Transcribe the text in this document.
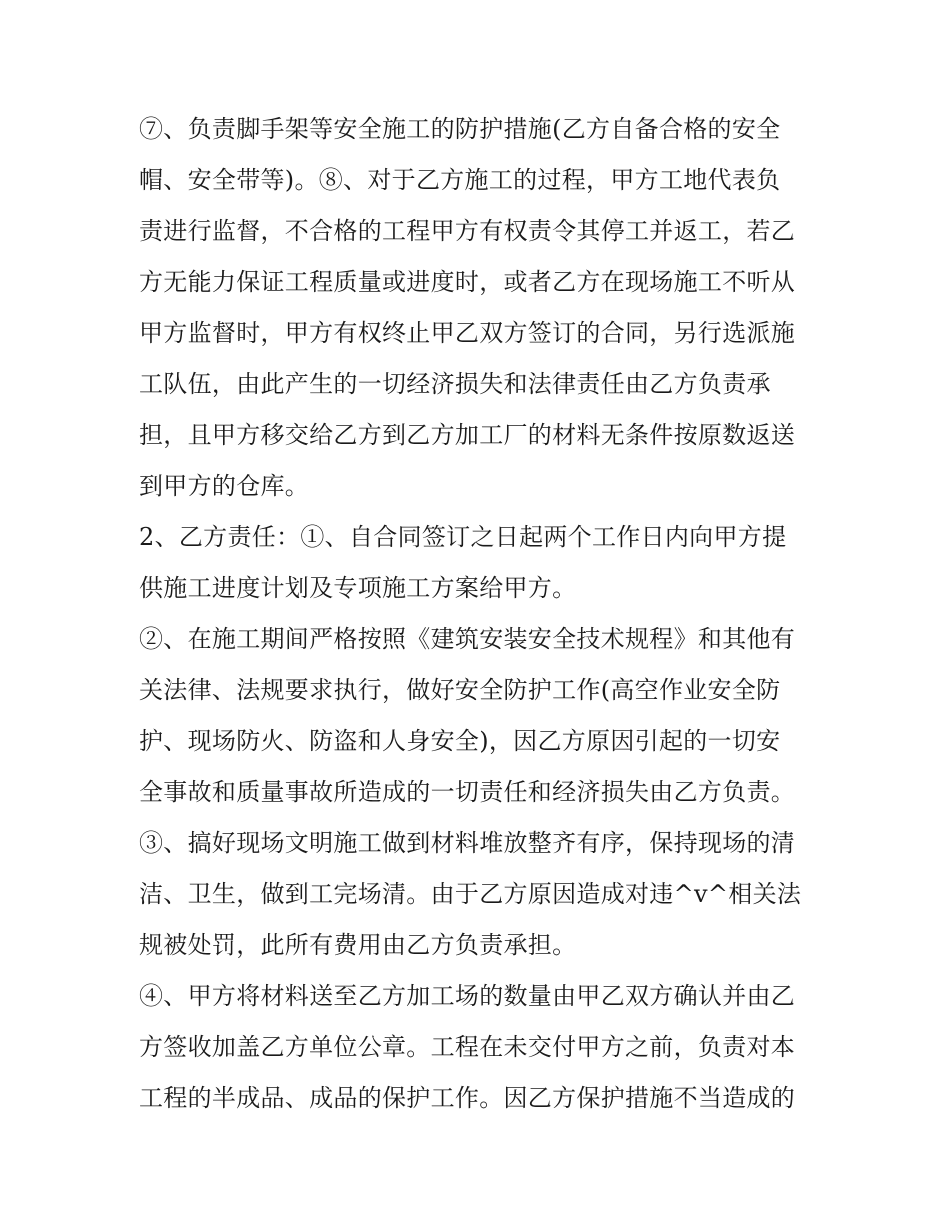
⑦、负责脚手架等安全施工的防护措施(乙方自备合格的安全
帽、安全带等)。⑧、对于乙方施工的过程，甲方工地代表负
责进行监督，不合格的工程甲方有权责令其停工并返工，若乙
方无能力保证工程质量或进度时，或者乙方在现场施工不听从
甲方监督时，甲方有权终止甲乙双方签订的合同，另行选派施
工队伍，由此产生的一切经济损失和法律责任由乙方负责承
担，且甲方移交给乙方到乙方加工厂的材料无条件按原数返送
到甲方的仓库。
2、乙方责任：①、自合同签订之日起两个工作日内向甲方提
供施工进度计划及专项施工方案给甲方。
②、在施工期间严格按照《建筑安装安全技术规程》和其他有
关法律、法规要求执行，做好安全防护工作(高空作业安全防
护、现场防火、防盗和人身安全)，因乙方原因引起的一切安
全事故和质量事故所造成的一切责任和经济损失由乙方负责。
③、搞好现场文明施工做到材料堆放整齐有序，保持现场的清
洁、卫生，做到工完场清。由于乙方原因造成对违^v^相关法
规被处罚，此所有费用由乙方负责承担。
④、甲方将材料送至乙方加工场的数量由甲乙双方确认并由乙
方签收加盖乙方单位公章。工程在未交付甲方之前，负责对本
工程的半成品、成品的保护工作。因乙方保护措施不当造成的
